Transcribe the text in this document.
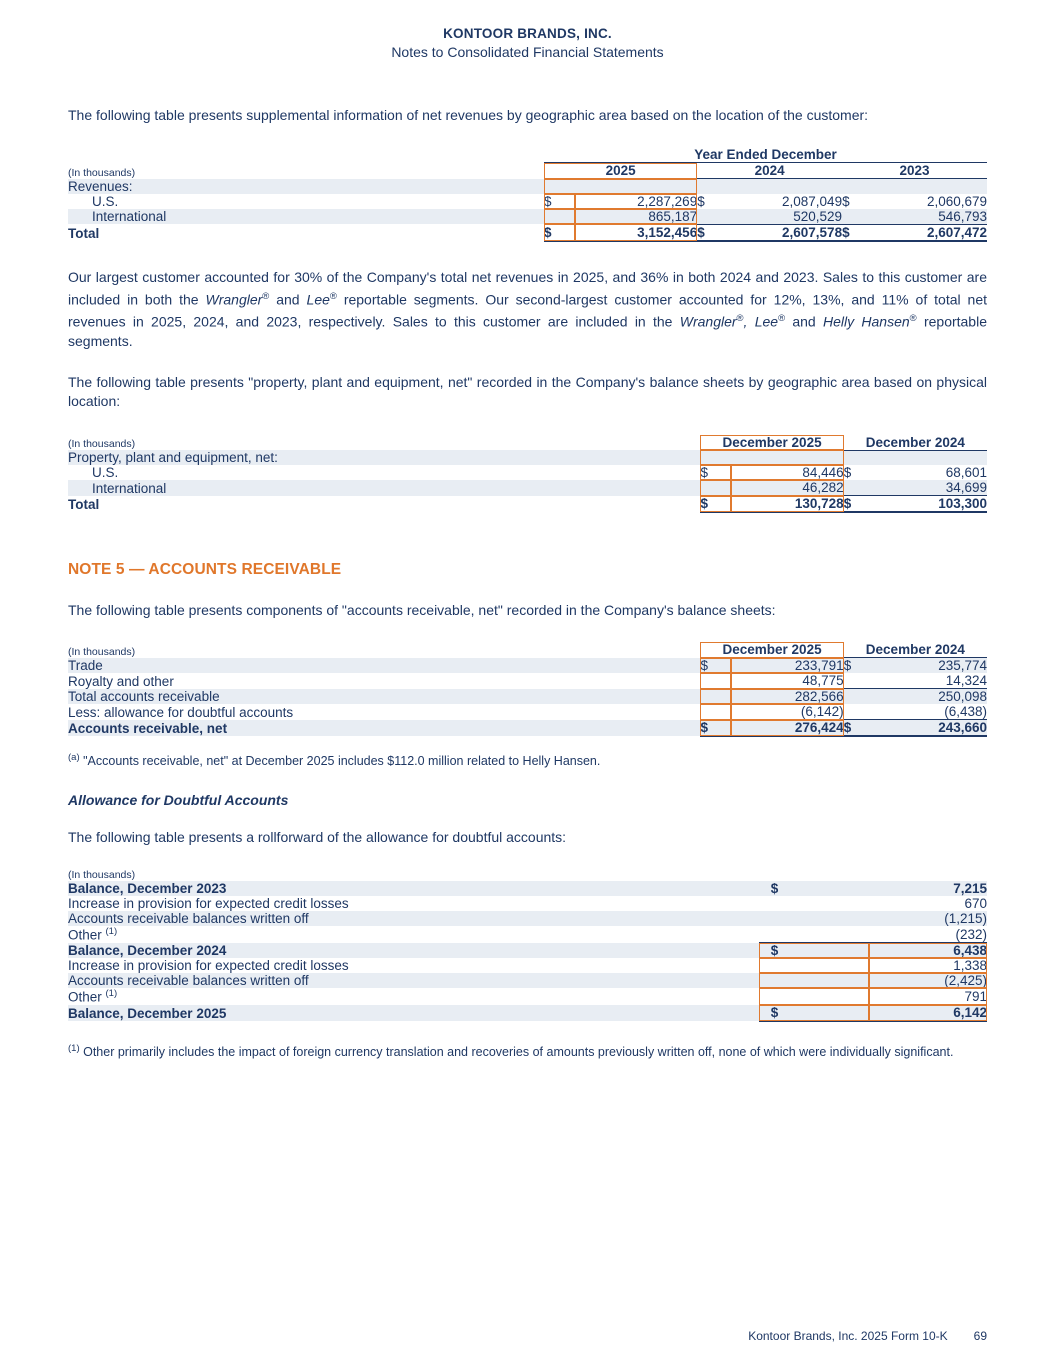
KONTOOR BRANDS, INC.
Notes to Consolidated Financial Statements

The following table presents supplemental information of net revenues by geographic area based on the location of the customer:

	Year Ended December					
(In thousands)	2025		2024		2023	
Revenues:						
U.S.	$	2,287,269	$	2,087,049	$	2,060,679
International		865,187		520,529		546,793
Total	$	3,152,456	$	2,607,578	$	2,607,472

Our largest customer accounted for 30% of the Company's total net revenues in 2025, and 36% in both 2024 and 2023. Sales to this customer are included in both the Wrangler® and Lee® reportable segments. Our second-largest customer accounted for 12%, 13%, and 11% of total net revenues in 2025, 2024, and 2023, respectively. Sales to this customer are included in the Wrangler®, Lee® and Helly Hansen® reportable segments.

The following table presents "property, plant and equipment, net" recorded in the Company's balance sheets by geographic area based on physical location:

(In thousands)	December 2025		December 2024	
Property, plant and equipment, net:				
U.S.	$	84,446	$	68,601
International		46,282		34,699
Total	$	130,728	$	103,300
NOTE 5 — ACCOUNTS RECEIVABLE

The following table presents components of "accounts receivable, net" recorded in the Company's balance sheets:

(In thousands)	December 2025		December 2024	
Trade	$	233,791	$	235,774
Royalty and other		48,775		14,324
Total accounts receivable		282,566		250,098
Less: allowance for doubtful accounts		(6,142)		(6,438)
Accounts receivable, net	$	276,424	$	243,660

$^{(a)}$ "Accounts receivable, net" at December 2025 includes $112.0 million related to Helly Hansen.

Allowance for Doubtful Accounts

The following table presents a rollforward of the allowance for doubtful accounts:

(In thousands)		
Balance, December 2023	$	7,215
Increase in provision for expected credit losses		670
Accounts receivable balances written off		(1,215)
Other $^{(1)}$		(232)
Balance, December 2024	$	6,438
Increase in provision for expected credit losses		1,338
Accounts receivable balances written off		(2,425)
Other $^{(1)}$		791
Balance, December 2025	$	6,142

$^{(1)}$ Other primarily includes the impact of foreign currency translation and recoveries of amounts previously written off, none of which were individually significant.

Kontoor Brands, Inc. 2025 Form 10-K 69
